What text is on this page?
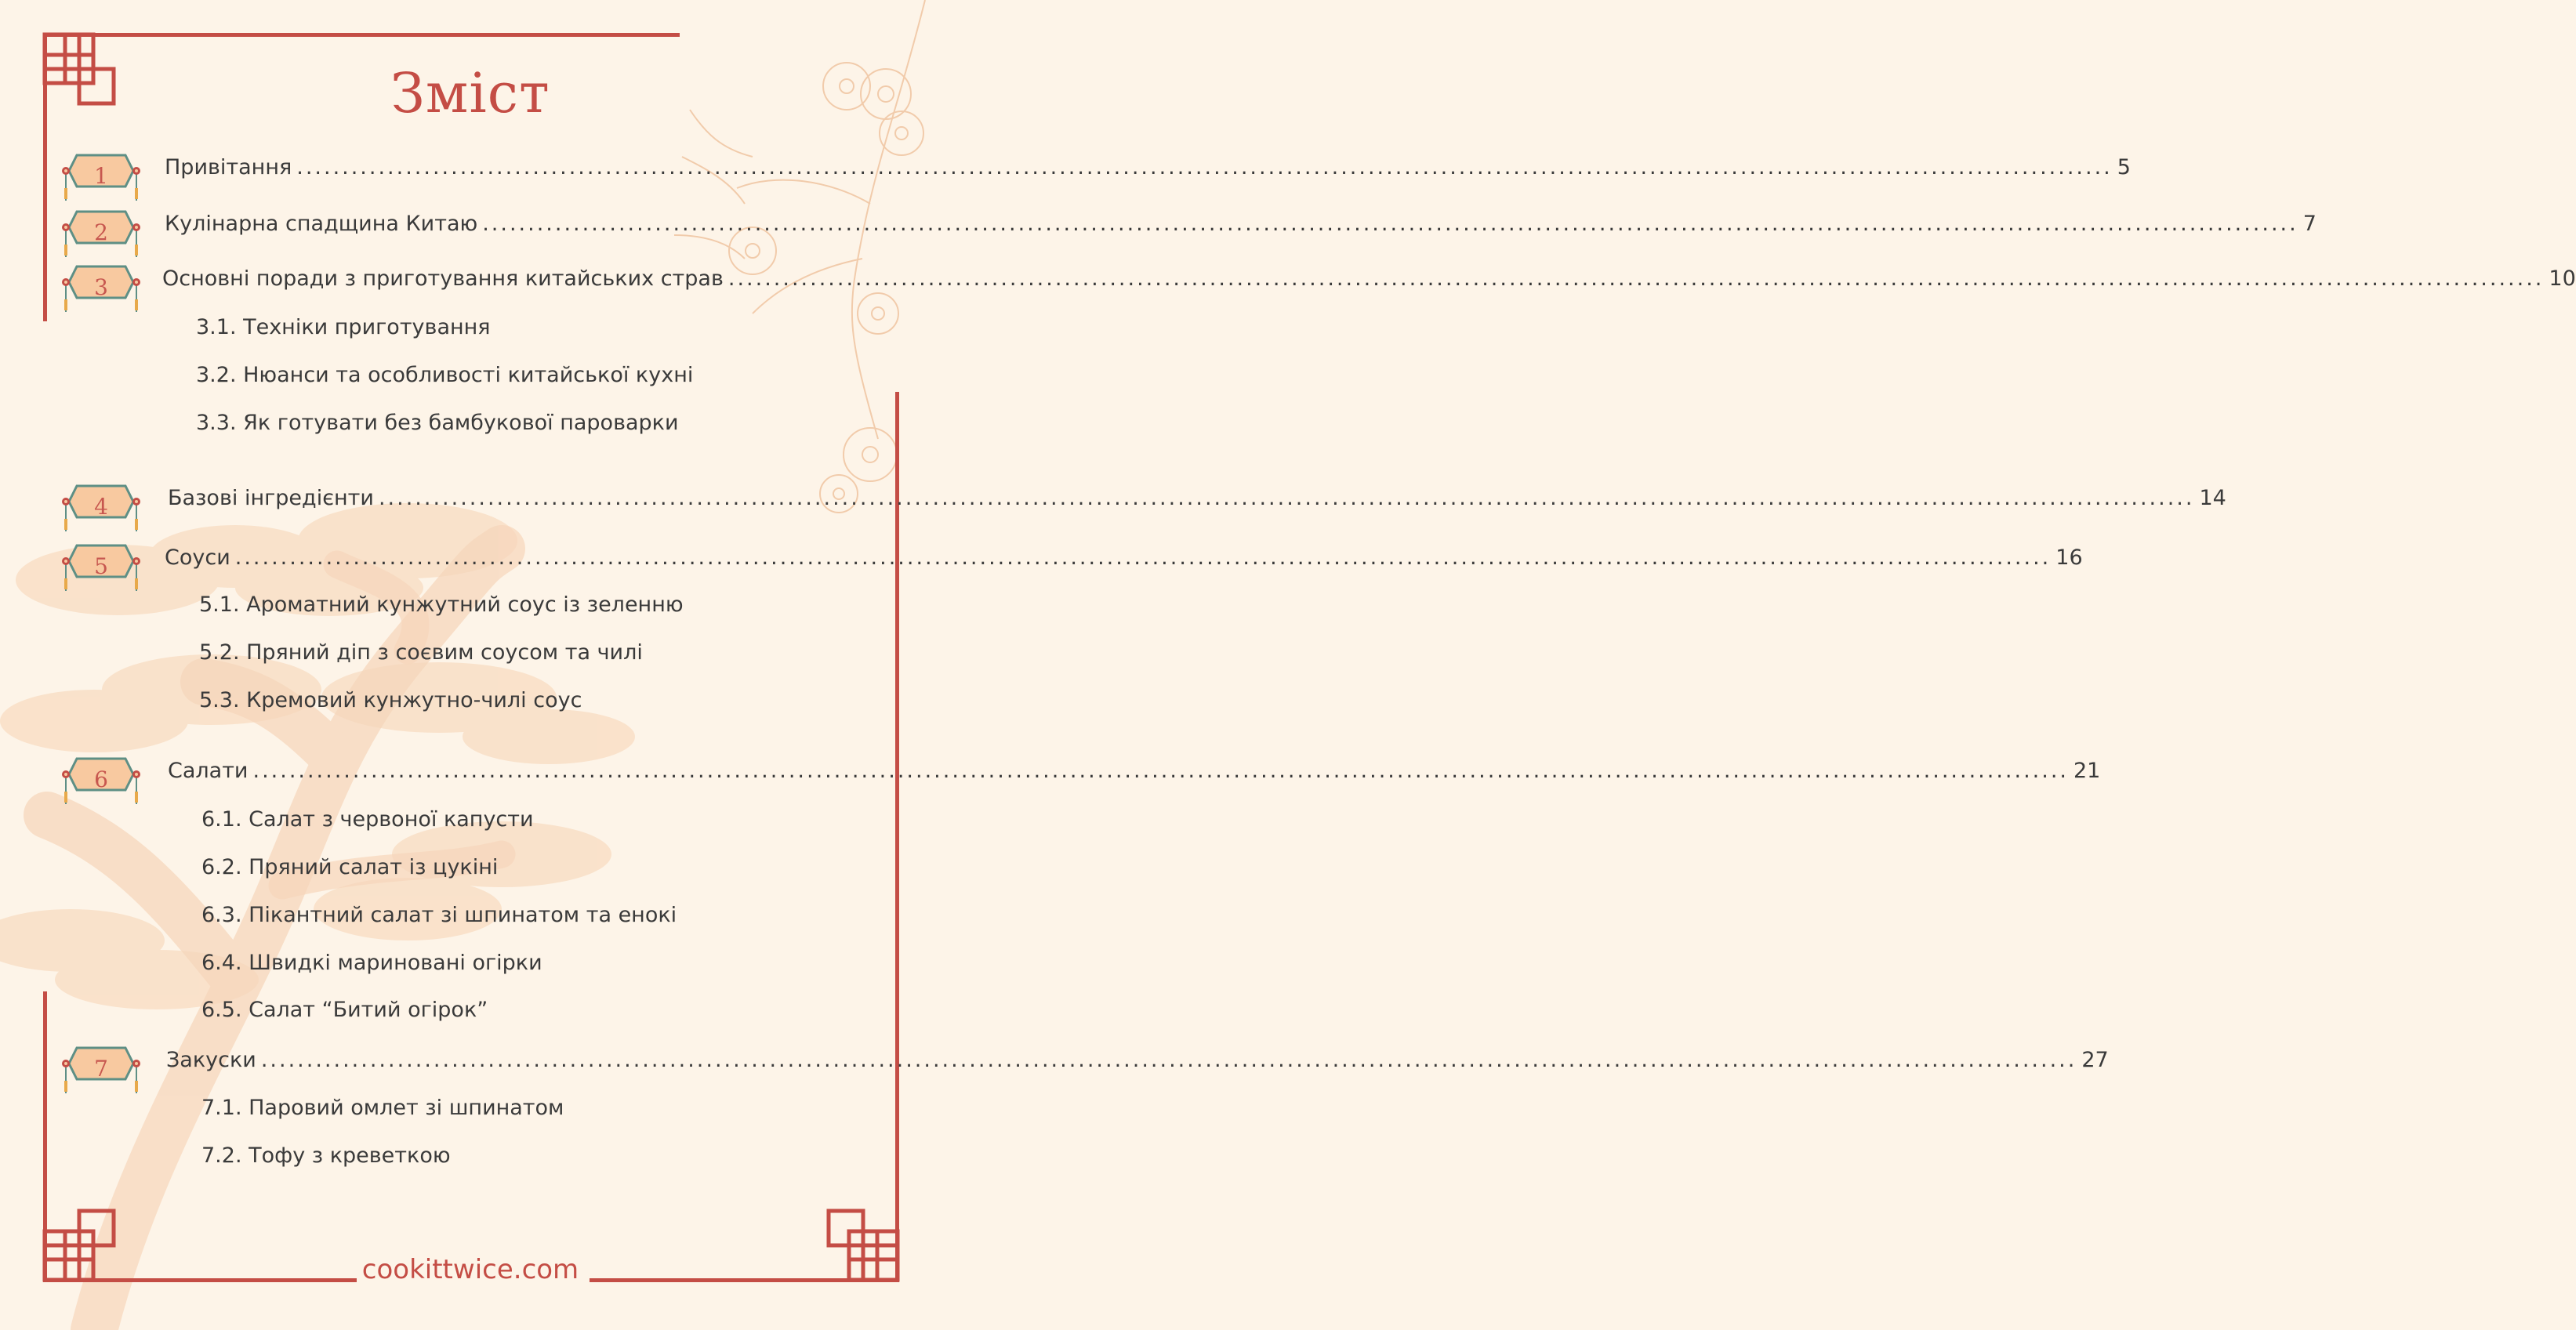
Зміст
1	Привітання ........................................................................................................................................................................................................ 5
2	Кулінарна спадщина Китаю ........................................................................................................................................................................................................ 7
3	Основні поради з приготування китайських страв ........................................................................................................................................................................................................ 10
3.1. Техніки приготування
3.2. Нюанси та особливості китайської кухні
3.3. Як готувати без бамбукової пароварки
4	Базові інгредієнти ........................................................................................................................................................................................................ 14
5	Соуси ........................................................................................................................................................................................................ 16
5.1. Ароматний кунжутний соус із зеленню
5.2. Пряний діп з соєвим соусом та чилі
5.3. Кремовий кунжутно-чилі соус
6	Салати ........................................................................................................................................................................................................ 21
6.1. Салат з червоної капусти
6.2. Пряний салат із цукіні
6.3. Пікантний салат зі шпинатом та енокі
6.4. Швидкі мариновані огірки
6.5. Салат “Битий огірок”
7	Закуски ........................................................................................................................................................................................................ 27
7.1. Паровий омлет зі шпинатом
7.2. Тофу з креветкою
cookittwice.com
